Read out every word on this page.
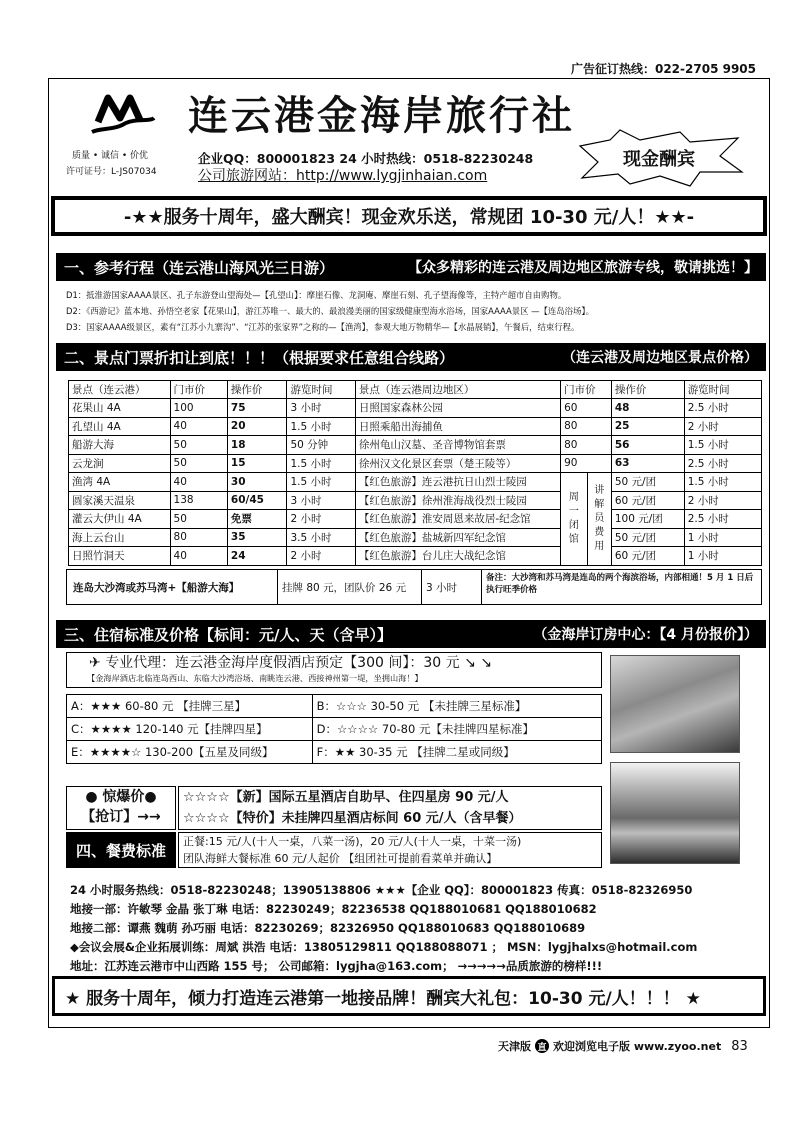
广告征订热线：022-2705 9905
质量 • 诚信 • 价优
许可证号：L-JS07034
连云港金海岸旅行社
企业QQ：800001823 24 小时热线：0518-82230248
公司旅游网站：http://www.lygjinhaian.com
现金酬宾
-★★服务十周年，盛大酬宾！现金欢乐送，常规团 10-30 元/人！★★-
一、参考行程（连云港山海风光三日游）	【众多精彩的连云港及周边地区旅游专线，敬请挑选！】
D1：抵淮游国家AAAA景区、孔子东游登山望海处—【孔望山】：摩崖石像、龙洞庵、摩崖石刻、孔子望海像等，主特产超市自由购物。
D2：《西游记》蓝本地、孙悟空老家【花果山】，游江苏唯一、最大的、最浪漫美丽的国家级健康型海水浴场，国家AAAA景区 —【连岛浴场】。
D3：国家AAAA级景区，素有“江苏小九寨沟”、“江苏的张家界”之称的—【渔湾】，参观大地万物精华—【水晶展销】，午餐后，结束行程。
二、景点门票折扣让到底！！！（根据要求任意组合线路）	（连云港及周边地区景点价格）
景点（连云港）	门市价	操作价	游览时间	景点（连云港周边地区）	门市价		操作价	游览时间
花果山 4A	100	75	3 小时	日照国家森林公园	60		48	2.5 小时
孔望山 4A	40	20	1.5 小时	日照乘船出海捕鱼	80		25	2 小时
船游大海	50	18	50 分钟	徐州龟山汉墓、圣音博物馆套票	80		56	1.5 小时
云龙涧	50	15	1.5 小时	徐州汉文化景区套票（楚王陵等）	90		63	2.5 小时
渔湾 4A	40	30	1.5 小时	【红色旅游】连云港抗日山烈士陵园	周一闭馆	讲解员费用	50 元/团	1.5 小时
圆家溪天温泉	138	60/45	3 小时	【红色旅游】徐州淮海战役烈士陵园			60 元/团	2 小时
灌云大伊山 4A	50	免票	2 小时	【红色旅游】淮安周恩来故居-纪念馆			100 元/团	2.5 小时
海上云台山	80	35	3.5 小时	【红色旅游】盐城新四军纪念馆			50 元/团	1 小时
日照竹洞天	40	24	2 小时	【红色旅游】台儿庄大战纪念馆			60 元/团	1 小时
连岛大沙湾或苏马湾+【船游大海】	挂牌 80 元，团队价 26 元	3 小时
备注：大沙湾和苏马湾是连岛的两个海滨浴场，内部相通！5 月 1 日后执行旺季价格
三、住宿标准及价格【标间：元/人、天（含早）】	（金海岸订房中心：【4 月份报价】）
✈ 专业代理：连云港金海岸度假酒店预定【300 间】：30 元 ↘ ↘
【金海岸酒店北临连岛西山、东临大沙湾浴场、南眺连云港、西接神州第一堤，坐拥山海！】
A：★★★ 60-80 元 【挂牌三星】	B：☆☆☆ 30-50 元 【未挂牌三星标准】
C：★★★★ 120-140 元【挂牌四星】	D：☆☆☆☆ 70-80 元【未挂牌四星标准】
E：★★★★☆ 130-200【五星及同级】	F：★★ 30-35 元 【挂牌二星或同级】
● 惊爆价●
【抢订】→→
☆☆☆☆【新】国际五星酒店自助早、住四星房 90 元/人
☆☆☆☆【特价】未挂牌四星酒店标间 60 元/人（含早餐）
四、餐费标准	正餐:15 元/人(十人一桌，八菜一汤)，20 元/人(十人一桌，十菜一汤)
团队海鲜大餐标准 60 元/人起价 【组团社可提前看菜单并确认】
24 小时服务热线：0518-82230248；13905138806 ★★★【企业 QQ】：800001823 传真：0518-82326950
地接一部：许敏琴 金晶 张丁琳 电话：82230249；82236538 QQ188010681 QQ188010682
地接二部：谭燕 魏萌 孙巧丽 电话：82230269；82326950 QQ188010683 QQ188010689
◆会议会展&企业拓展训练：周斌 洪浩 电话：13805129811 QQ188088071 ； MSN：lygjhalxs@hotmail.com
地址：江苏连云港市中山西路 155 号； 公司邮箱：lygjha@163.com； →→→→→品质旅游的榜样!!!
★ 服务十周年，倾力打造连云港第一地接品牌！酬宾大礼包：10-30 元/人！！！ ★
天津版 直 欢迎浏览电子版 www.zyoo.net 83
